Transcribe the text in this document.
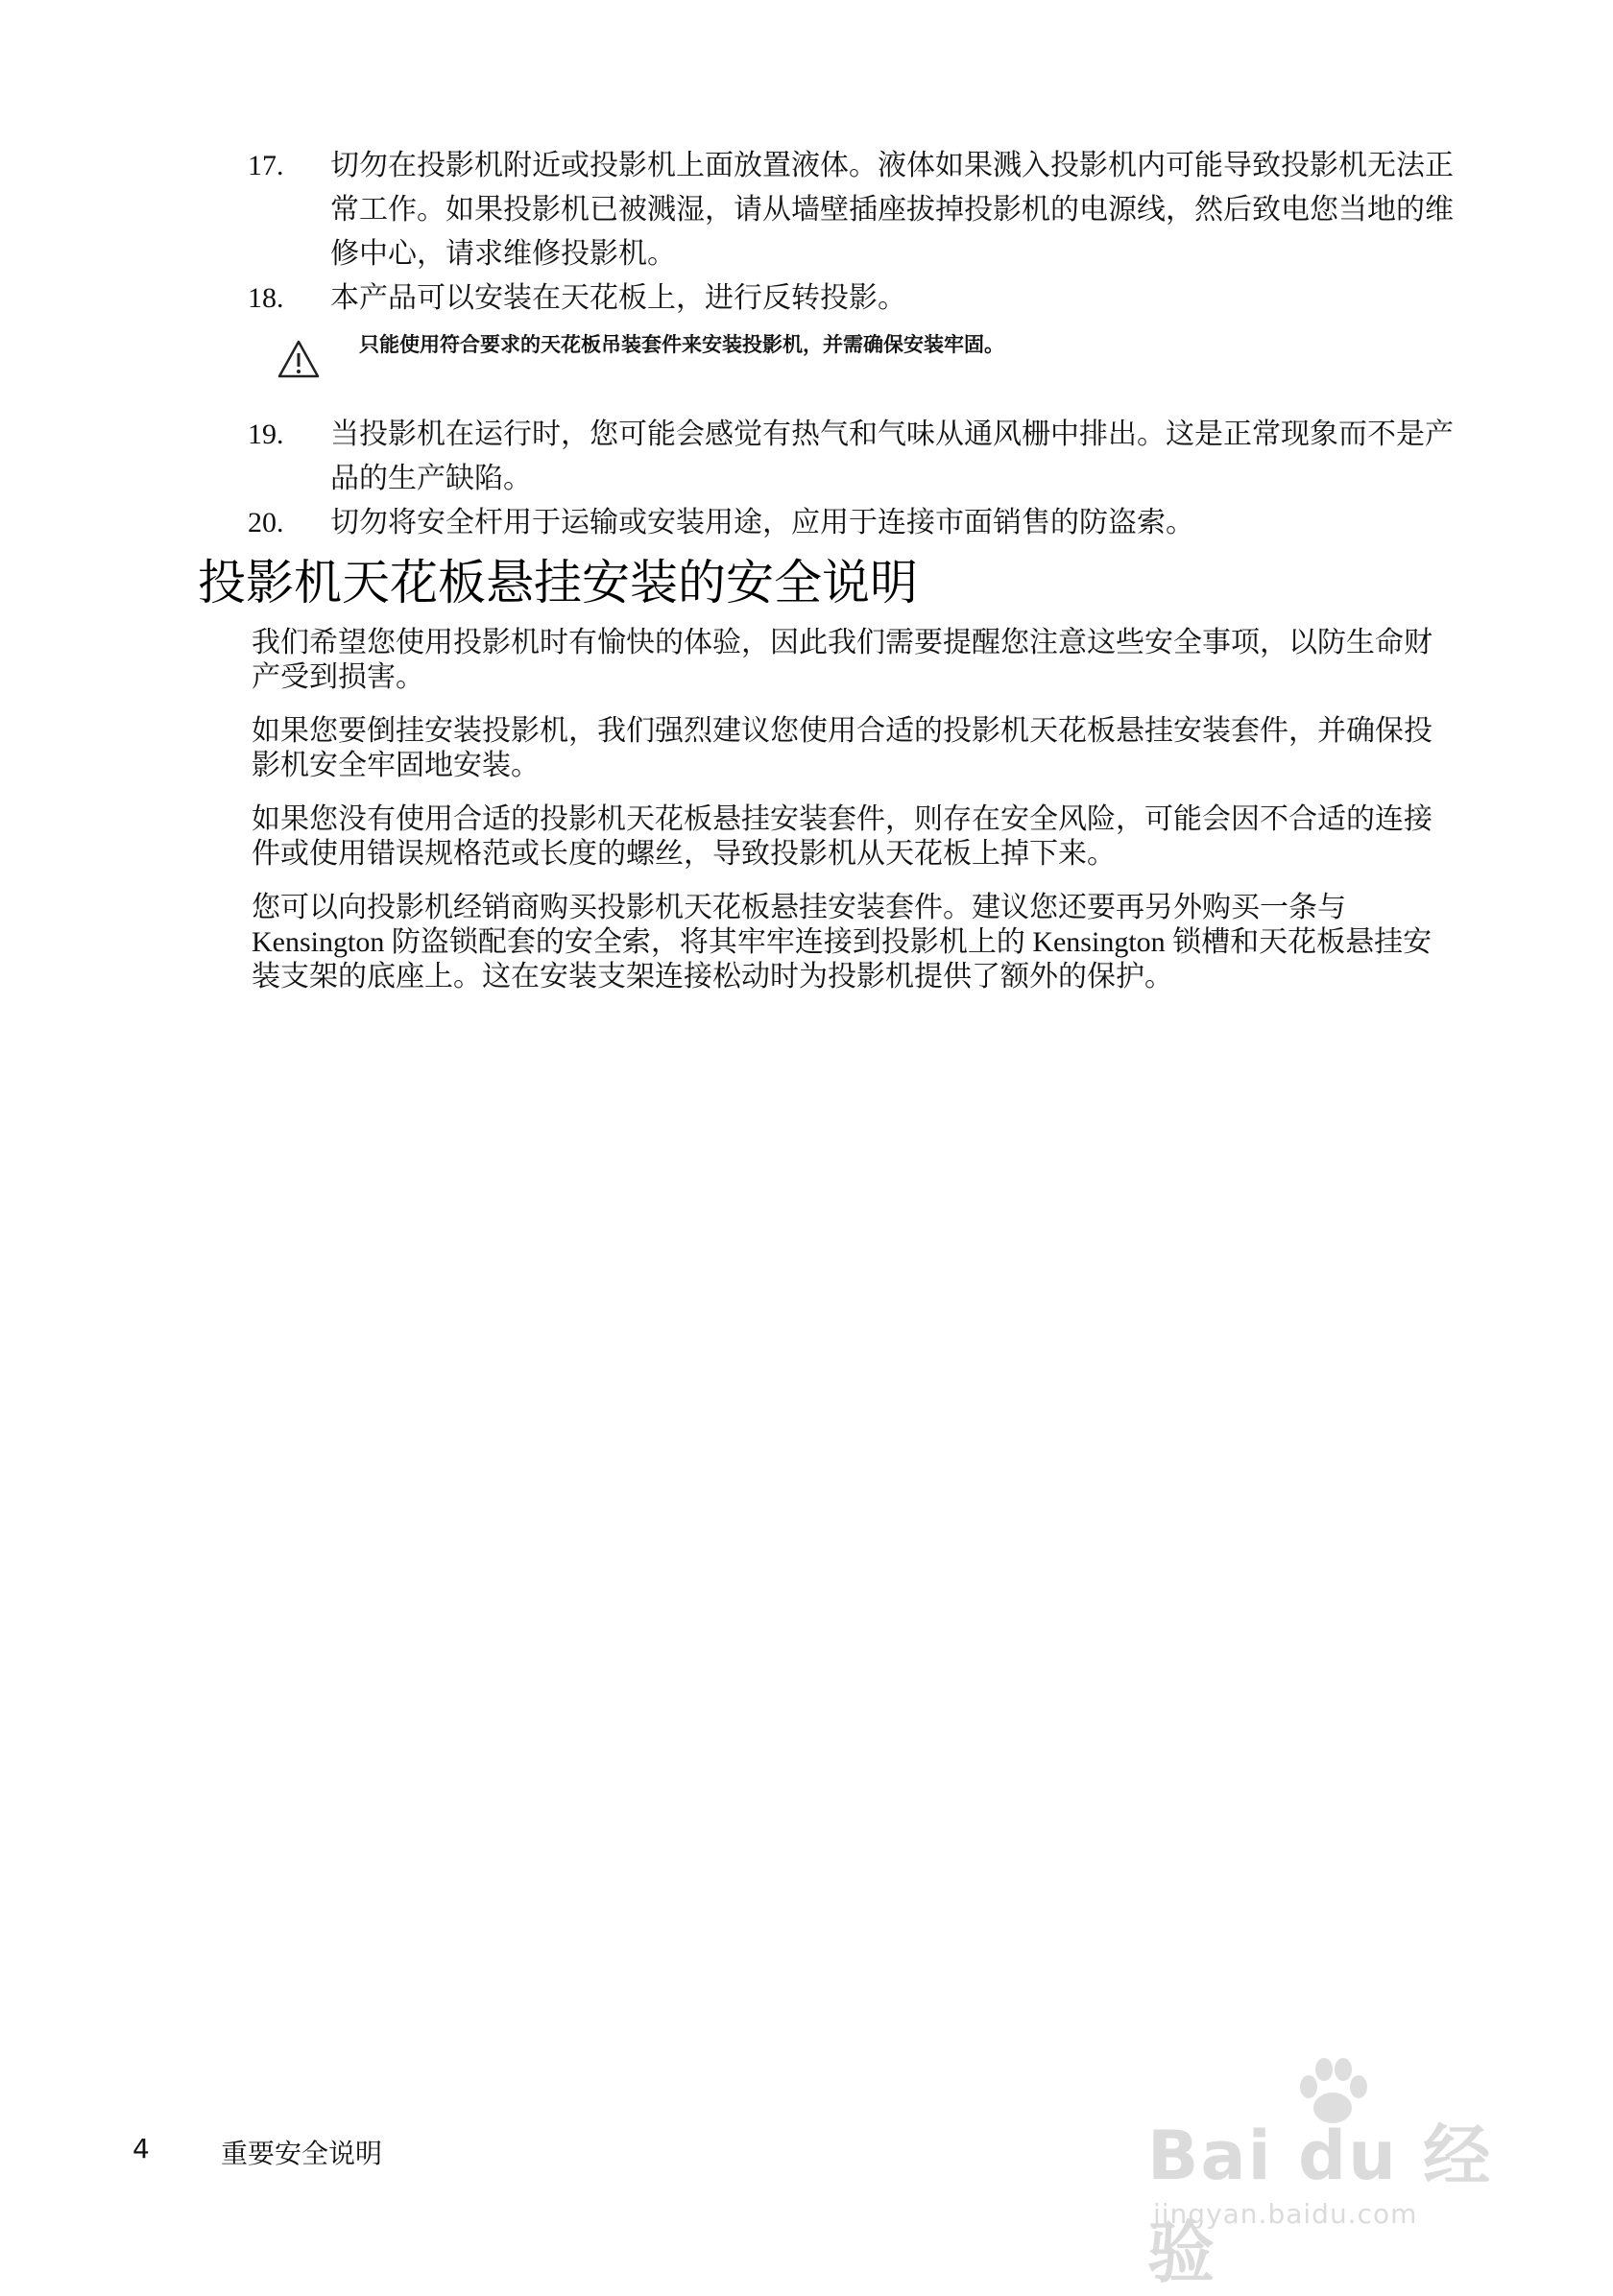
17.	切勿在投影机附近或投影机上面放置液体。液体如果溅入投影机内可能导致投影机无法正常工作。如果投影机已被溅湿，请从墙壁插座拔掉投影机的电源线，然后致电您当地的维修中心，请求维修投影机。
18.	本产品可以安装在天花板上，进行反转投影。
只能使用符合要求的天花板吊装套件来安装投影机，并需确保安装牢固。
19.	当投影机在运行时，您可能会感觉有热气和气味从通风栅中排出。这是正常现象而不是产品的生产缺陷。
20.	切勿将安全杆用于运输或安装用途，应用于连接市面销售的防盗索。
投影机天花板悬挂安装的安全说明

我们希望您使用投影机时有愉快的体验，因此我们需要提醒您注意这些安全事项，以防生命财产受到损害。

如果您要倒挂安装投影机，我们强烈建议您使用合适的投影机天花板悬挂安装套件，并确保投影机安全牢固地安装。

如果您没有使用合适的投影机天花板悬挂安装套件，则存在安全风险，可能会因不合适的连接件或使用错误规格范或长度的螺丝，导致投影机从天花板上掉下来。

您可以向投影机经销商购买投影机天花板悬挂安装套件。建议您还要再另外购买一条与 Kensington 防盗锁配套的安全索，将其牢牢连接到投影机上的 Kensington 锁槽和天花板悬挂安装支架的底座上。这在安装支架连接松动时为投影机提供了额外的保护。

4	重要安全说明	Bai du 经验
jingyan.baidu.com
